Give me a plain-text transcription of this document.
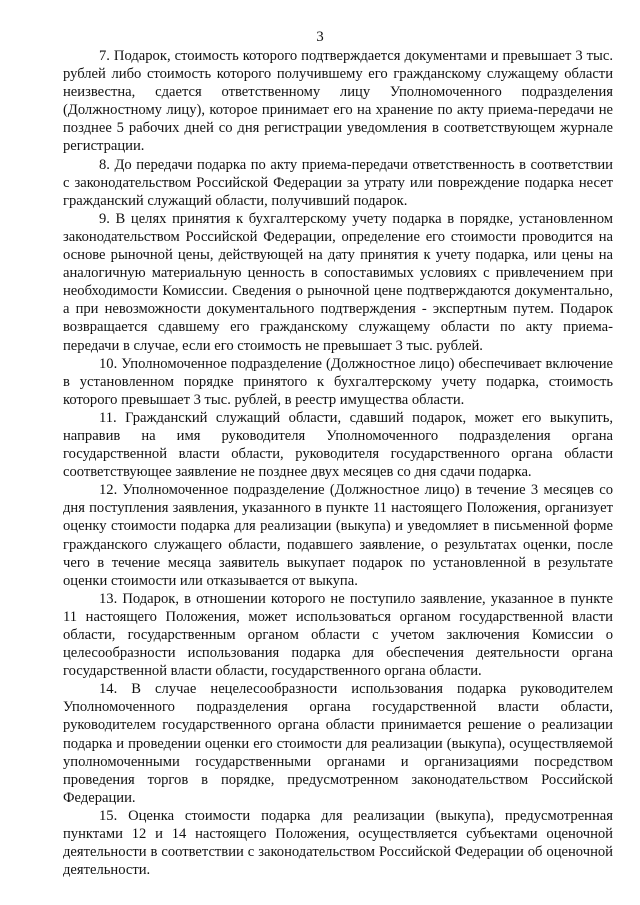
3

7. Подарок, стоимость которого подтверждается документами и превышает 3 тыс. рублей либо стоимость которого получившему его гражданскому служащему области неизвестна, сдается ответственному лицу Уполномоченного подразделения (Должностному лицу), которое принимает его на хранение по акту приема-передачи не позднее 5 рабочих дней со дня регистрации уведомления в соответствующем журнале регистрации.

8. До передачи подарка по акту приема-передачи ответственность в соответствии с законодательством Российской Федерации за утрату или повреждение подарка несет гражданский служащий области, получивший подарок.

9. В целях принятия к бухгалтерскому учету подарка в порядке, установленном законодательством Российской Федерации, определение его стоимости проводится на основе рыночной цены, действующей на дату принятия к учету подарка, или цены на аналогичную материальную ценность в сопоставимых условиях с привлечением при необходимости Комиссии. Сведения о рыночной цене подтверждаются документально, а при невозможности документального подтверждения - экспертным путем. Подарок возвращается сдавшему его гражданскому служащему области по акту приема-передачи в случае, если его стоимость не превышает 3 тыс. рублей.

10. Уполномоченное подразделение (Должностное лицо) обеспечивает включение в установленном порядке принятого к бухгалтерскому учету подарка, стоимость которого превышает 3 тыс. рублей, в реестр имущества области.

11. Гражданский служащий области, сдавший подарок, может его выкупить, направив на имя руководителя Уполномоченного подразделения органа государственной власти области, руководителя государственного органа области соответствующее заявление не позднее двух месяцев со дня сдачи подарка.

12. Уполномоченное подразделение (Должностное лицо) в течение 3 месяцев со дня поступления заявления, указанного в пункте 11 настоящего Положения, организует оценку стоимости подарка для реализации (выкупа) и уведомляет в письменной форме гражданского служащего области, подавшего заявление, о результатах оценки, после чего в течение месяца заявитель выкупает подарок по установленной в результате оценки стоимости или отказывается от выкупа.

13. Подарок, в отношении которого не поступило заявление, указанное в пункте 11 настоящего Положения, может использоваться органом государственной власти области, государственным органом области с учетом заключения Комиссии о целесообразности использования подарка для обеспечения деятельности органа государственной власти области, государственного органа области.

14. В случае нецелесообразности использования подарка руководителем Уполномоченного подразделения органа государственной власти области, руководителем государственного органа области принимается решение о реализации подарка и проведении оценки его стоимости для реализации (выкупа), осуществляемой уполномоченными государственными органами и организациями посредством проведения торгов в порядке, предусмотренном законодательством Российской Федерации.

15. Оценка стоимости подарка для реализации (выкупа), предусмотренная пунктами 12 и 14 настоящего Положения, осуществляется субъектами оценочной деятельности в соответствии с законодательством Российской Федерации об оценочной деятельности.
